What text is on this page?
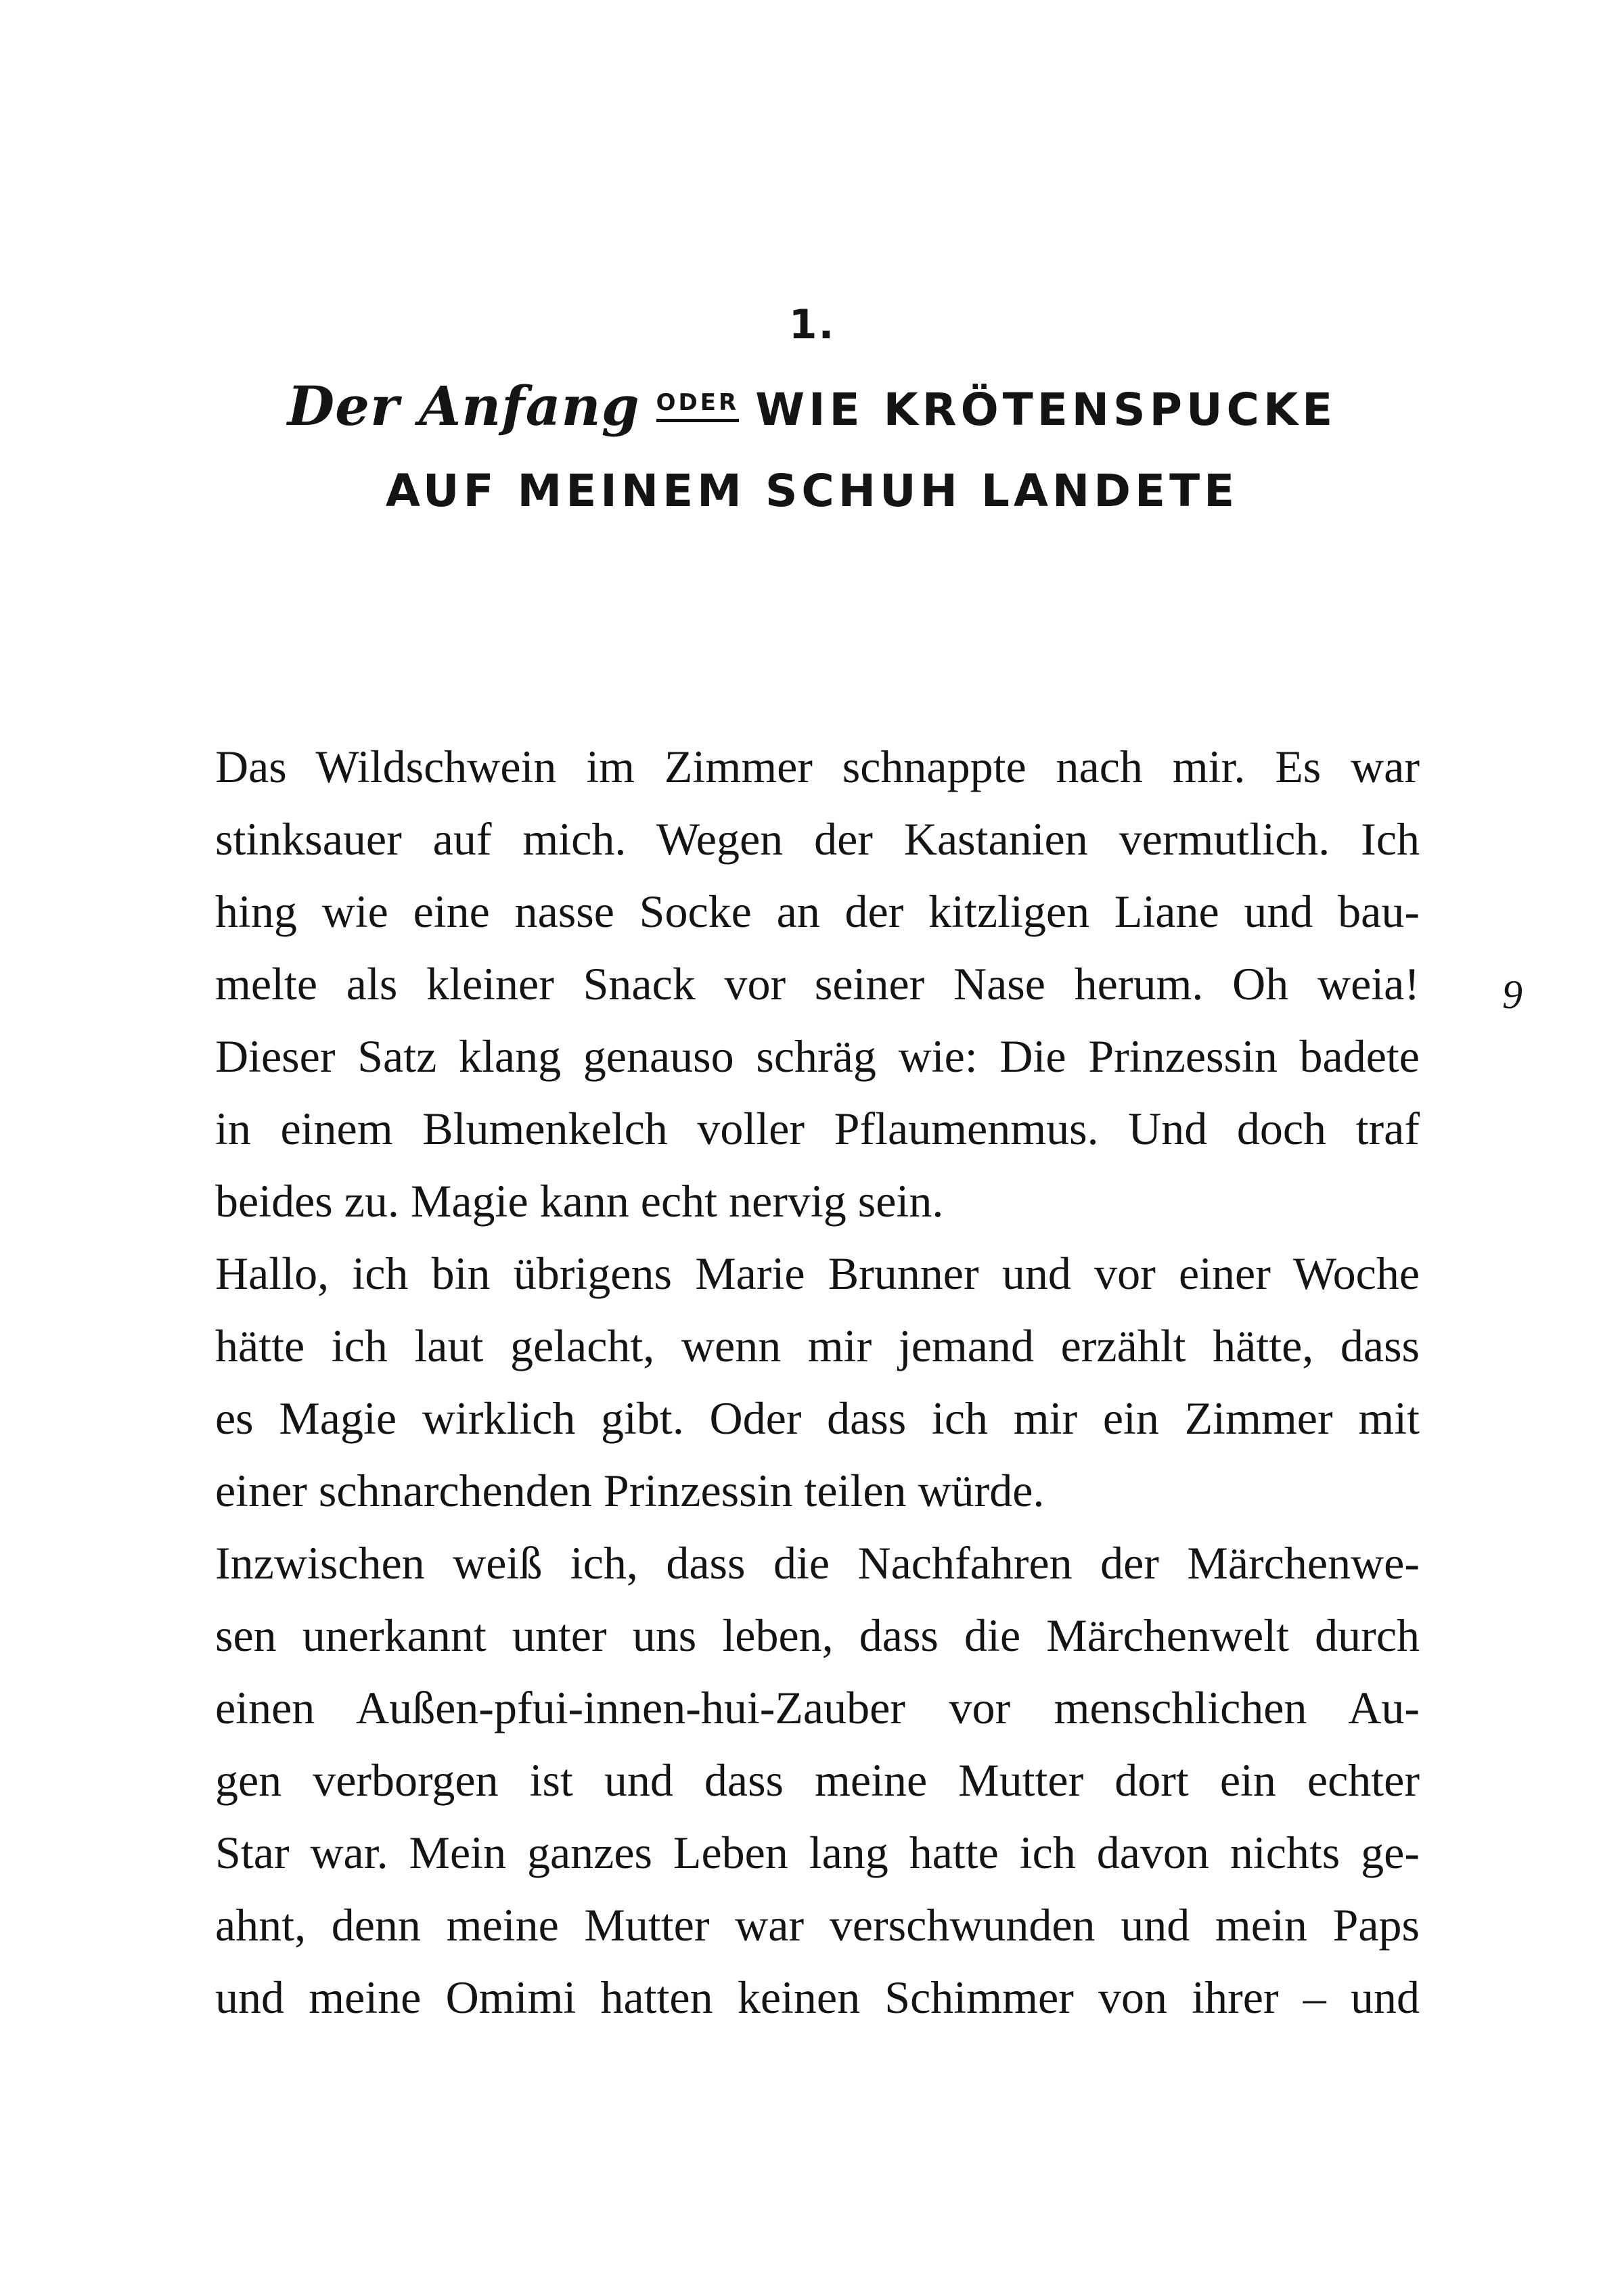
1.
Der Anfang ODER WIE KRÖTENSPUCKE
AUF MEINEM SCHUH LANDETE
Das Wildschwein im Zimmer schnappte nach mir. Es war
stinksauer auf mich. Wegen der Kastanien vermutlich. Ich
hing wie eine nasse Socke an der kitzligen Liane und bau-
melte als kleiner Snack vor seiner Nase herum. Oh weia!
Dieser Satz klang genauso schräg wie: Die Prinzessin badete
in einem Blumenkelch voller Pflaumenmus. Und doch traf
beides zu. Magie kann echt nervig sein.
Hallo, ich bin übrigens Marie Brunner und vor einer Woche
hätte ich laut gelacht, wenn mir jemand erzählt hätte, dass
es Magie wirklich gibt. Oder dass ich mir ein Zimmer mit
einer schnarchenden Prinzessin teilen würde.
Inzwischen weiß ich, dass die Nachfahren der Märchenwe-
sen unerkannt unter uns leben, dass die Märchenwelt durch
einen Außen-pfui-innen-hui-Zauber vor menschlichen Au-
gen verborgen ist und dass meine Mutter dort ein echter
Star war. Mein ganzes Leben lang hatte ich davon nichts ge-
ahnt, denn meine Mutter war verschwunden und mein Paps
und meine Omimi hatten keinen Schimmer von ihrer – und
9
